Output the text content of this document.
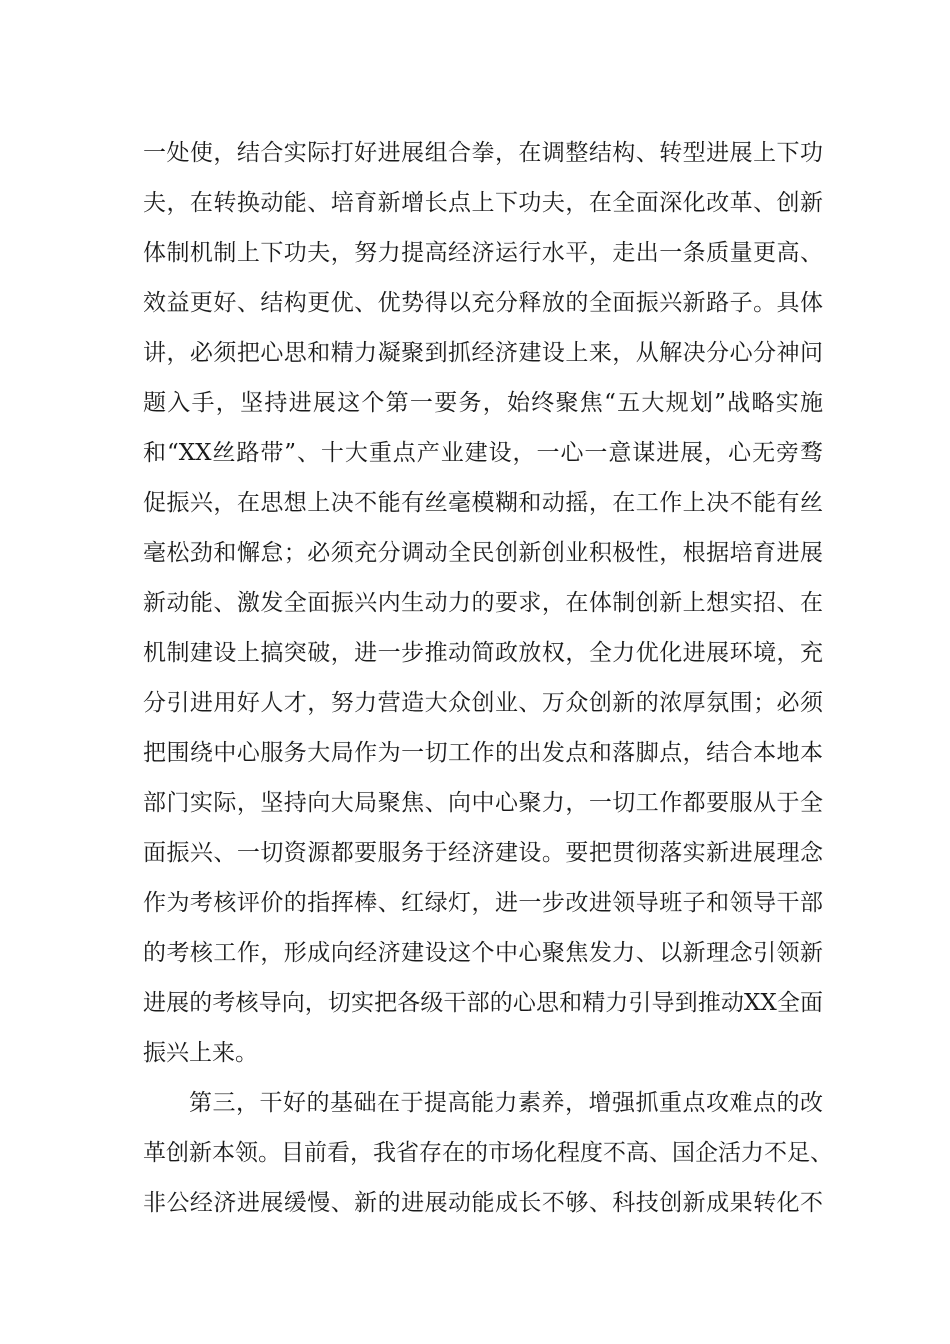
一处使，结合实际打好进展组合拳，在调整结构、转型进展上下功

夫，在转换动能、培育新增长点上下功夫，在全面深化改革、创新

体制机制上下功夫，努力提高经济运行水平，走出一条质量更高、

效益更好、结构更优、优势得以充分释放的全面振兴新路子。具体

讲，必须把心思和精力凝聚到抓经济建设上来，从解决分心分神问

题入手，坚持进展这个第一要务，始终聚焦“五大规划”战略实施

和“XX丝路带”、十大重点产业建设，一心一意谋进展，心无旁骛

促振兴，在思想上决不能有丝毫模糊和动摇，在工作上决不能有丝

毫松劲和懈怠；必须充分调动全民创新创业积极性，根据培育进展

新动能、激发全面振兴内生动力的要求，在体制创新上想实招、在

机制建设上搞突破，进一步推动简政放权，全力优化进展环境，充

分引进用好人才，努力营造大众创业、万众创新的浓厚氛围；必须

把围绕中心服务大局作为一切工作的出发点和落脚点，结合本地本

部门实际，坚持向大局聚焦、向中心聚力，一切工作都要服从于全

面振兴、一切资源都要服务于经济建设。要把贯彻落实新进展理念

作为考核评价的指挥棒、红绿灯，进一步改进领导班子和领导干部

的考核工作，形成向经济建设这个中心聚焦发力、以新理念引领新

进展的考核导向，切实把各级干部的心思和精力引导到推动XX全面

振兴上来。

第三，干好的基础在于提高能力素养，增强抓重点攻难点的改

革创新本领。目前看，我省存在的市场化程度不高、国企活力不足、

非公经济进展缓慢、新的进展动能成长不够、科技创新成果转化不
